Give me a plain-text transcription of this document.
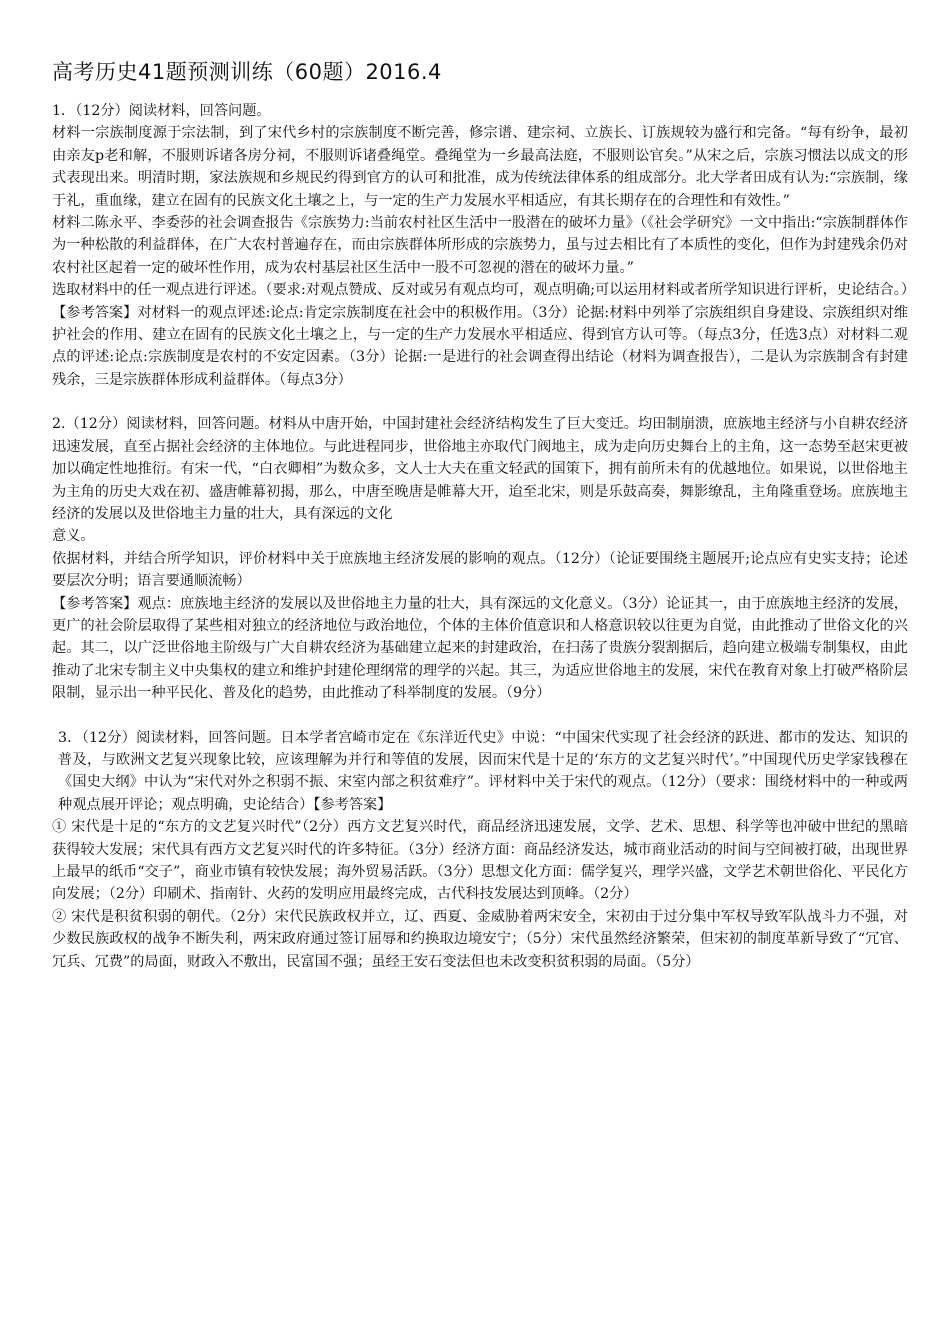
高考历史41题预测训练（60题）2016.4

1．（12分）阅读材料，回答问题。

材料一宗族制度源于宗法制，到了宋代乡村的宗族制度不断完善，修宗谱、建宗祠、立族长、订族规较为盛行和完备。“每有纷争，最初由亲友p老和解，不服则诉诸各房分祠，不服则诉诸叠绳堂。叠绳堂为一乡最高法庭，不服则讼官矣。”从宋之后，宗族习惯法以成文的形式表现出来。明清时期，家法族规和乡规民约得到官方的认可和批准，成为传统法律体系的组成部分。北大学者田成有认为:“宗族制，缘于礼，重血缘，建立在固有的民族文化土壤之上，与一定的生产力发展水平相适应，有其长期存在的合理性和有效性。”

材料二陈永平、李委莎的社会调查报告《宗族势力:当前农村社区生活中一股潜在的破坏力量》（《社会学研究》一文中指出:“宗族制群体作为一种松散的利益群体，在广大农村普遍存在，而由宗族群体所形成的宗族势力，虽与过去相比有了本质性的变化，但作为封建残余仍对农村社区起着一定的破坏性作用，成为农村基层社区生活中一股不可忽视的潜在的破坏力量。”

选取材料中的任一观点进行评述。（要求:对观点赞成、反对或另有观点均可，观点明确;可以运用材料或者所学知识进行评析，史论结合。）【参考答案】对材料一的观点评述:论点:肯定宗族制度在社会中的积极作用。（3分）论据:材料中列举了宗族组织自身建设、宗族组织对维护社会的作用、建立在固有的民族文化土壤之上，与一定的生产力发展水平相适应、得到官方认可等。（每点3分，任选3点）对材料二观点的评述:论点:宗族制度是农村的不安定因素。（3分）论据:一是进行的社会调查得出结论（材料为调查报告），二是认为宗族制含有封建残余，三是宗族群体形成利益群体。（每点3分）

2.（12分）阅读材料，回答问题。材料从中唐开始，中国封建社会经济结构发生了巨大变迁。均田制崩溃，庶族地主经济与小自耕农经济迅速发展，直至占据社会经济的主体地位。与此进程同步，世俗地主亦取代门阀地主，成为走向历史舞台上的主角，这一态势至赵宋更被加以确定性地推衍。有宋一代，“白衣卿相”为数众多，文人士大夫在重文轻武的国策下，拥有前所未有的优越地位。如果说，以世俗地主为主角的历史大戏在初、盛唐帷幕初揭，那么，中唐至晚唐是帷幕大开，迨至北宋，则是乐鼓高奏，舞影缭乱，主角隆重登场。庶族地主经济的发展以及世俗地主力量的壮大，具有深远的文化

意义。

依据材料，并结合所学知识，评价材料中关于庶族地主经济发展的影响的观点。（12分）（论证要围绕主题展开;论点应有史实支持；论述要层次分明；语言要通顺流畅）

【参考答案】观点：庶族地主经济的发展以及世俗地主力量的壮大，具有深远的文化意义。（3分）论证其一，由于庶族地主经济的发展，更广的社会阶层取得了某些相对独立的经济地位与政治地位，个体的主体价值意识和人格意识较以往更为自觉，由此推动了世俗文化的兴起。其二，以广泛世俗地主阶级与广大自耕农经济为基础建立起来的封建政治，在扫荡了贵族分裂割据后，趋向建立极端专制集权，由此推动了北宋专制主义中央集权的建立和维护封建伦理纲常的理学的兴起。其三，为适应世俗地主的发展，宋代在教育对象上打破严格阶层限制，显示出一种平民化、普及化的趋势，由此推动了科举制度的发展。（9分）

3．（12分）阅读材料，回答问题。日本学者宫崎市定在《东洋近代史》中说：“中国宋代实现了社会经济的跃进、都市的发达、知识的普及，与欧洲文艺复兴现象比较，应该理解为并行和等值的发展，因而宋代是十足的‘东方的文艺复兴时代’。”中国现代历史学家钱穆在《国史大纲》中认为“宋代对外之积弱不振、宋室内部之积贫难疗”。评材料中关于宋代的观点。（12分）（要求：围绕材料中的一种或两种观点展开评论；观点明确，史论结合）【参考答案】

① 宋代是十足的“东方的文艺复兴时代”（2分）西方文艺复兴时代，商品经济迅速发展，文学、艺术、思想、科学等也冲破中世纪的黑暗获得较大发展；宋代具有西方文艺复兴时代的许多特征。（3分）经济方面：商品经济发达，城市商业活动的时间与空间被打破，出现世界上最早的纸币“交子”，商业市镇有较快发展；海外贸易活跃。（3分）思想文化方面：儒学复兴，理学兴盛，文学艺术朝世俗化、平民化方向发展；（2分）印刷术、指南针、火药的发明应用最终完成，古代科技发展达到顶峰。（2分）

② 宋代是积贫积弱的朝代。（2分）宋代民族政权并立，辽、西夏、金威胁着两宋安全，宋初由于过分集中军权导致军队战斗力不强，对少数民族政权的战争不断失利，两宋政府通过签订屈辱和约换取边境安宁；（5分）宋代虽然经济繁荣，但宋初的制度革新导致了“冗官、冗兵、冗费”的局面，财政入不敷出，民富国不强；虽经王安石变法但也未改变积贫积弱的局面。（5分）
